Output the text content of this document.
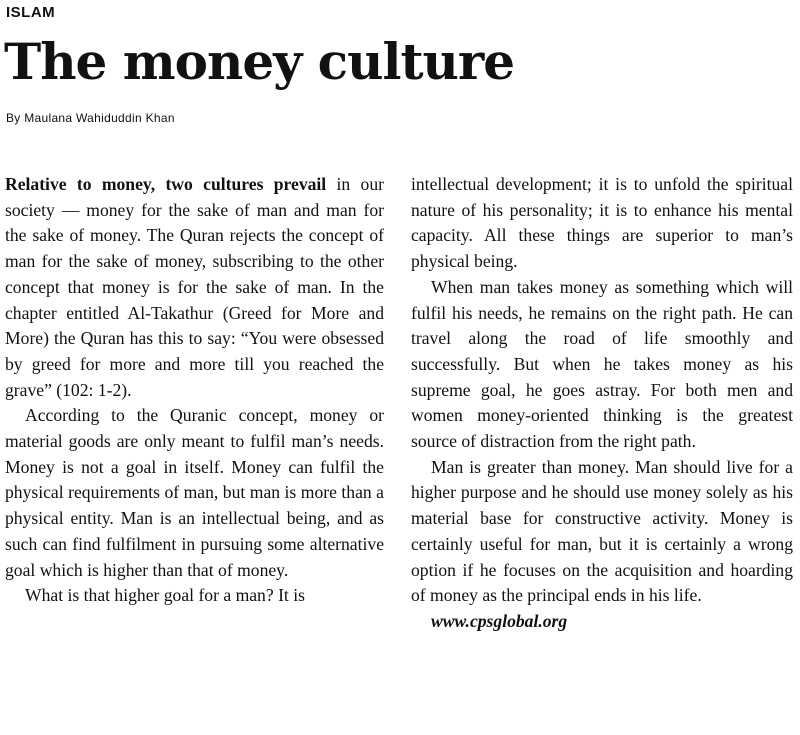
ISLAM
The money culture
By Maulana Wahiduddin Khan

Relative to money, two cultures prevail in our society — money for the sake of man and man for the sake of money. The Quran rejects the concept of man for the sake of money, subscribing to the other concept that money is for the sake of man. In the chapter entitled Al-Takathur (Greed for More and More) the Quran has this to say: “You were obsessed by greed for more and more till you reached the grave” (102: 1-2).

According to the Quranic concept, money or material goods are only meant to fulfil man’s needs. Money is not a goal in itself. Money can fulfil the physical requirements of man, but man is more than a physical entity. Man is an intellectual being, and as such can find fulfilment in pursuing some alternative goal which is higher than that of money.

What is that higher goal for a man? It is

intellectual development; it is to unfold the spiritual nature of his personality; it is to enhance his mental capacity. All these things are superior to man’s physical being.

When man takes money as something which will fulfil his needs, he remains on the right path. He can travel along the road of life smoothly and successfully. But when he takes money as his supreme goal, he goes astray. For both men and women money-oriented thinking is the greatest source of distraction from the right path.

Man is greater than money. Man should live for a higher purpose and he should use money solely as his material base for constructive activity. Money is certainly useful for man, but it is certainly a wrong option if he focuses on the acquisition and hoarding of money as the principal ends in his life.

www.cpsglobal.org
